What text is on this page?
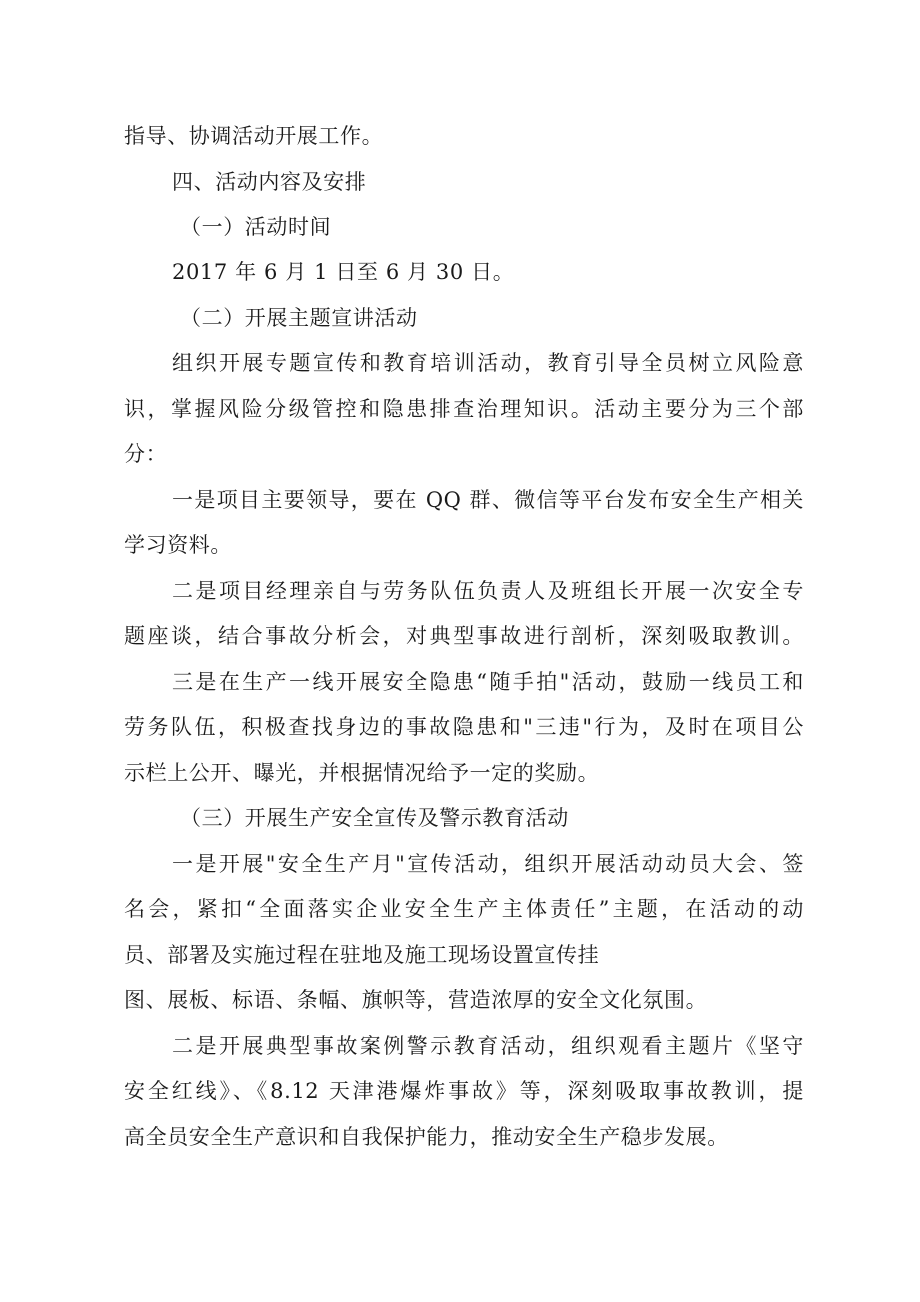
指导、协调活动开展工作。

四、活动内容及安排

（一）活动时间

2017 年 6 月 1 日至 6 月 30 日。

（二）开展主题宣讲活动

组织开展专题宣传和教育培训活动，教育引导全员树立风险意

识，掌握风险分级管控和隐患排查治理知识。活动主要分为三个部

分：

一是项目主要领导，要在 QQ 群、微信等平台发布安全生产相关

学习资料。

二是项目经理亲自与劳务队伍负责人及班组长开展一次安全专

题座谈，结合事故分析会，对典型事故进行剖析，深刻吸取教训。

三是在生产一线开展安全隐患“随手拍"活动，鼓励一线员工和

劳务队伍，积极查找身边的事故隐患和"三违"行为，及时在项目公

示栏上公开、曝光，并根据情况给予一定的奖励。

（三）开展生产安全宣传及警示教育活动

一是开展"安全生产月"宣传活动，组织开展活动动员大会、签

名会，紧扣“全面落实企业安全生产主体责任”主题，在活动的动

员、部署及实施过程在驻地及施工现场设置宣传挂

图、展板、标语、条幅、旗帜等，营造浓厚的安全文化氛围。

二是开展典型事故案例警示教育活动，组织观看主题片《坚守

安全红线》、《8.12 天津港爆炸事故》等，深刻吸取事故教训，提

高全员安全生产意识和自我保护能力，推动安全生产稳步发展。
